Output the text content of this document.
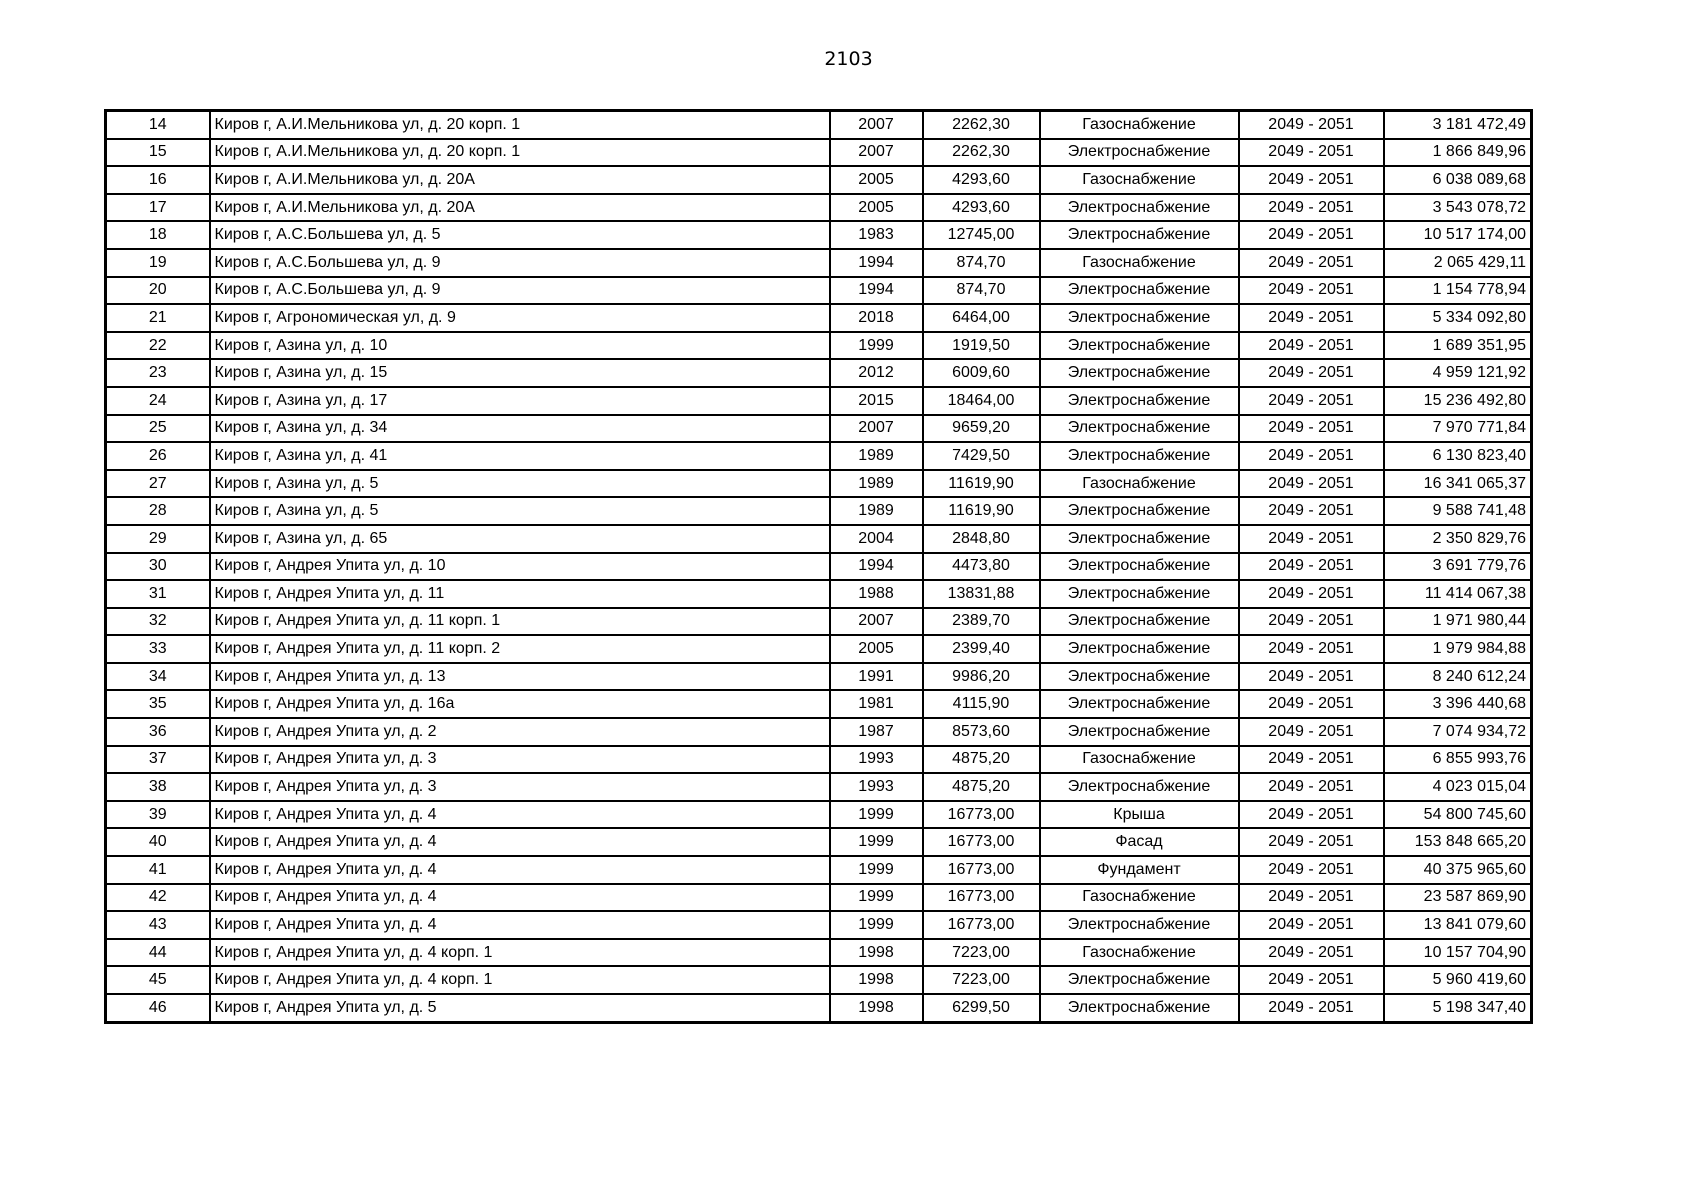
2103
14	Киров г, А.И.Мельникова ул, д. 20 корп. 1	2007	2262,30	Газоснабжение	2049 - 2051	3 181 472,49
15	Киров г, А.И.Мельникова ул, д. 20 корп. 1	2007	2262,30	Электроснабжение	2049 - 2051	1 866 849,96
16	Киров г, А.И.Мельникова ул, д. 20А	2005	4293,60	Газоснабжение	2049 - 2051	6 038 089,68
17	Киров г, А.И.Мельникова ул, д. 20А	2005	4293,60	Электроснабжение	2049 - 2051	3 543 078,72
18	Киров г, А.С.Большева ул, д. 5	1983	12745,00	Электроснабжение	2049 - 2051	10 517 174,00
19	Киров г, А.С.Большева ул, д. 9	1994	874,70	Газоснабжение	2049 - 2051	2 065 429,11
20	Киров г, А.С.Большева ул, д. 9	1994	874,70	Электроснабжение	2049 - 2051	1 154 778,94
21	Киров г, Агрономическая ул, д. 9	2018	6464,00	Электроснабжение	2049 - 2051	5 334 092,80
22	Киров г, Азина ул, д. 10	1999	1919,50	Электроснабжение	2049 - 2051	1 689 351,95
23	Киров г, Азина ул, д. 15	2012	6009,60	Электроснабжение	2049 - 2051	4 959 121,92
24	Киров г, Азина ул, д. 17	2015	18464,00	Электроснабжение	2049 - 2051	15 236 492,80
25	Киров г, Азина ул, д. 34	2007	9659,20	Электроснабжение	2049 - 2051	7 970 771,84
26	Киров г, Азина ул, д. 41	1989	7429,50	Электроснабжение	2049 - 2051	6 130 823,40
27	Киров г, Азина ул, д. 5	1989	11619,90	Газоснабжение	2049 - 2051	16 341 065,37
28	Киров г, Азина ул, д. 5	1989	11619,90	Электроснабжение	2049 - 2051	9 588 741,48
29	Киров г, Азина ул, д. 65	2004	2848,80	Электроснабжение	2049 - 2051	2 350 829,76
30	Киров г, Андрея Упита ул, д. 10	1994	4473,80	Электроснабжение	2049 - 2051	3 691 779,76
31	Киров г, Андрея Упита ул, д. 11	1988	13831,88	Электроснабжение	2049 - 2051	11 414 067,38
32	Киров г, Андрея Упита ул, д. 11 корп. 1	2007	2389,70	Электроснабжение	2049 - 2051	1 971 980,44
33	Киров г, Андрея Упита ул, д. 11 корп. 2	2005	2399,40	Электроснабжение	2049 - 2051	1 979 984,88
34	Киров г, Андрея Упита ул, д. 13	1991	9986,20	Электроснабжение	2049 - 2051	8 240 612,24
35	Киров г, Андрея Упита ул, д. 16а	1981	4115,90	Электроснабжение	2049 - 2051	3 396 440,68
36	Киров г, Андрея Упита ул, д. 2	1987	8573,60	Электроснабжение	2049 - 2051	7 074 934,72
37	Киров г, Андрея Упита ул, д. 3	1993	4875,20	Газоснабжение	2049 - 2051	6 855 993,76
38	Киров г, Андрея Упита ул, д. 3	1993	4875,20	Электроснабжение	2049 - 2051	4 023 015,04
39	Киров г, Андрея Упита ул, д. 4	1999	16773,00	Крыша	2049 - 2051	54 800 745,60
40	Киров г, Андрея Упита ул, д. 4	1999	16773,00	Фасад	2049 - 2051	153 848 665,20
41	Киров г, Андрея Упита ул, д. 4	1999	16773,00	Фундамент	2049 - 2051	40 375 965,60
42	Киров г, Андрея Упита ул, д. 4	1999	16773,00	Газоснабжение	2049 - 2051	23 587 869,90
43	Киров г, Андрея Упита ул, д. 4	1999	16773,00	Электроснабжение	2049 - 2051	13 841 079,60
44	Киров г, Андрея Упита ул, д. 4 корп. 1	1998	7223,00	Газоснабжение	2049 - 2051	10 157 704,90
45	Киров г, Андрея Упита ул, д. 4 корп. 1	1998	7223,00	Электроснабжение	2049 - 2051	5 960 419,60
46	Киров г, Андрея Упита ул, д. 5	1998	6299,50	Электроснабжение	2049 - 2051	5 198 347,40
